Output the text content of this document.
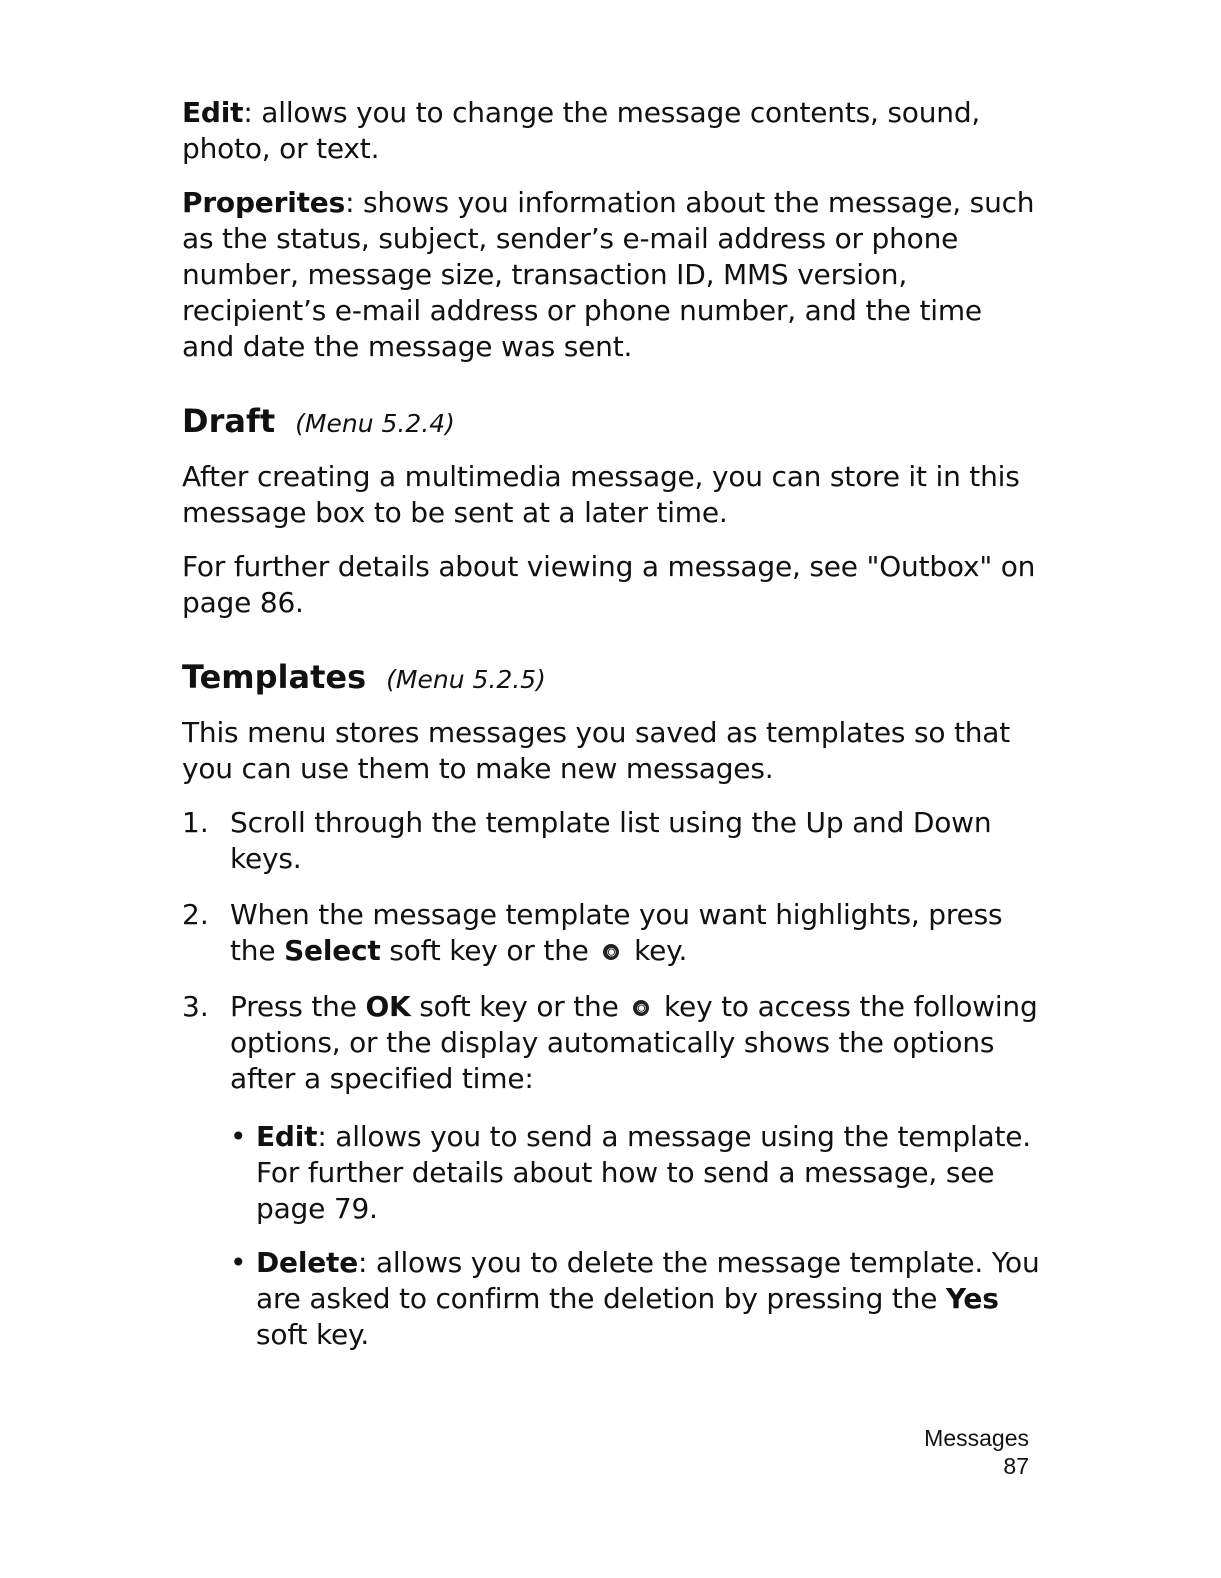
Edit: allows you to change the message contents, sound, photo, or text.

Properites: shows you information about the message, such as the status, subject, sender’s e-mail address or phone number, message size, transaction ID, MMS version, recipient’s e-mail address or phone number, and the time and date the message was sent.

Draft (Menu 5.2.4)

After creating a multimedia message, you can store it in this message box to be sent at a later time.

For further details about viewing a message, see "Outbox" on page 86.

Templates (Menu 5.2.5)

This menu stores messages you saved as templates so that you can use them to make new messages.

1. Scroll through the template list using the Up and Down keys.
2. When the message template you want highlights, press the Select soft key or the ◉ key.
3. Press the OK soft key or the ◉ key to access the following options, or the display automatically shows the options after a specified time:
• Edit: allows you to send a message using the template. For further details about how to send a message, see page 79.
• Delete: allows you to delete the message template. You are asked to confirm the deletion by pressing the Yes soft key.
Messages
87
